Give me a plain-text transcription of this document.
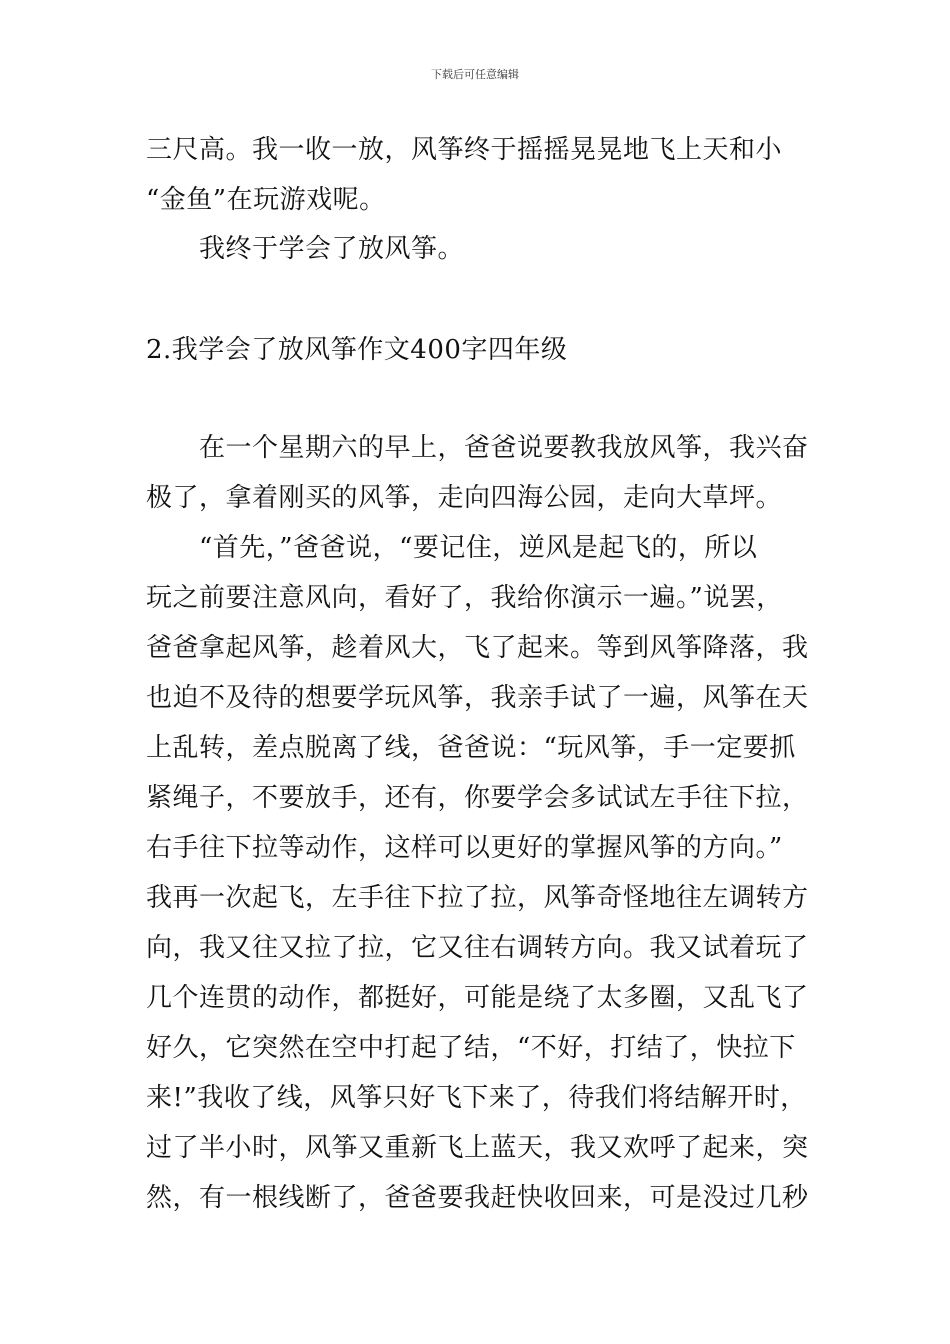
下载后可任意编辑
三尺高。我一收一放，风筝终于摇摇晃晃地飞上天和小
“金鱼”在玩游戏呢。
　　我终于学会了放风筝。
2.我学会了放风筝作文400字四年级
　　在一个星期六的早上，爸爸说要教我放风筝，我兴奋
极了，拿着刚买的风筝，走向四海公园，走向大草坪。
　　“首先，”爸爸说，“要记住，逆风是起飞的，所以
玩之前要注意风向，看好了，我给你演示一遍。”说罢，
爸爸拿起风筝，趁着风大，飞了起来。等到风筝降落，我
也迫不及待的想要学玩风筝，我亲手试了一遍，风筝在天
上乱转，差点脱离了线，爸爸说：“玩风筝，手一定要抓
紧绳子，不要放手，还有，你要学会多试试左手往下拉，
右手往下拉等动作，这样可以更好的掌握风筝的方向。”
我再一次起飞，左手往下拉了拉，风筝奇怪地往左调转方
向，我又往又拉了拉，它又往右调转方向。我又试着玩了
几个连贯的动作，都挺好，可能是绕了太多圈，又乱飞了
好久，它突然在空中打起了结，“不好，打结了，快拉下
来!”我收了线，风筝只好飞下来了，待我们将结解开时，
过了半小时，风筝又重新飞上蓝天，我又欢呼了起来，突
然，有一根线断了，爸爸要我赶快收回来，可是没过几秒
